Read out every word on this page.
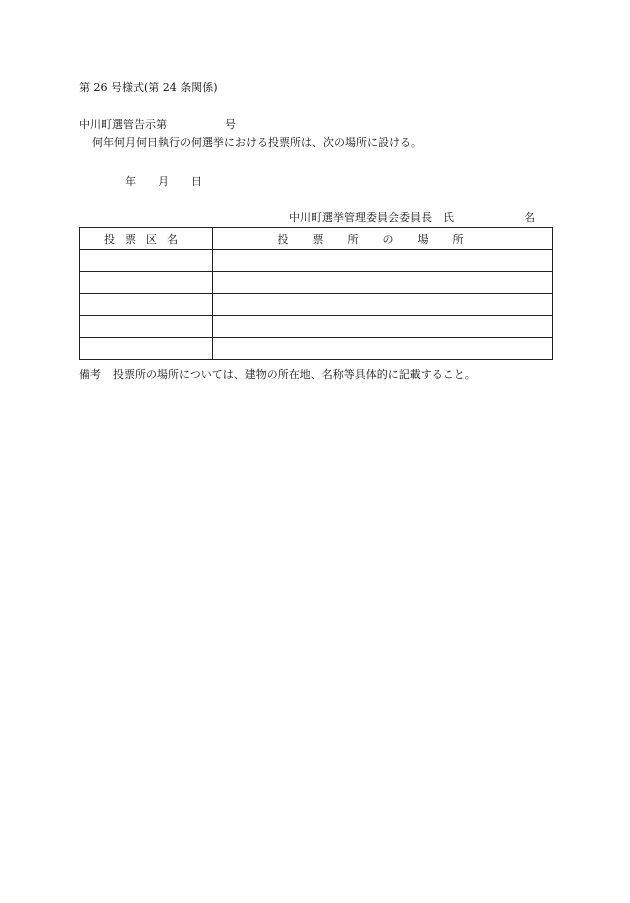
第 26 号様式(第 24 条関係)
中川町選管告示第	号
何年何月何日執行の何選挙における投票所は、次の場所に設ける。
年 月 日
中川町選挙管理委員会委員長　氏	名
投票区名	投票所の場所

備考 投票所の場所については、建物の所在地、名称等具体的に記載すること。
